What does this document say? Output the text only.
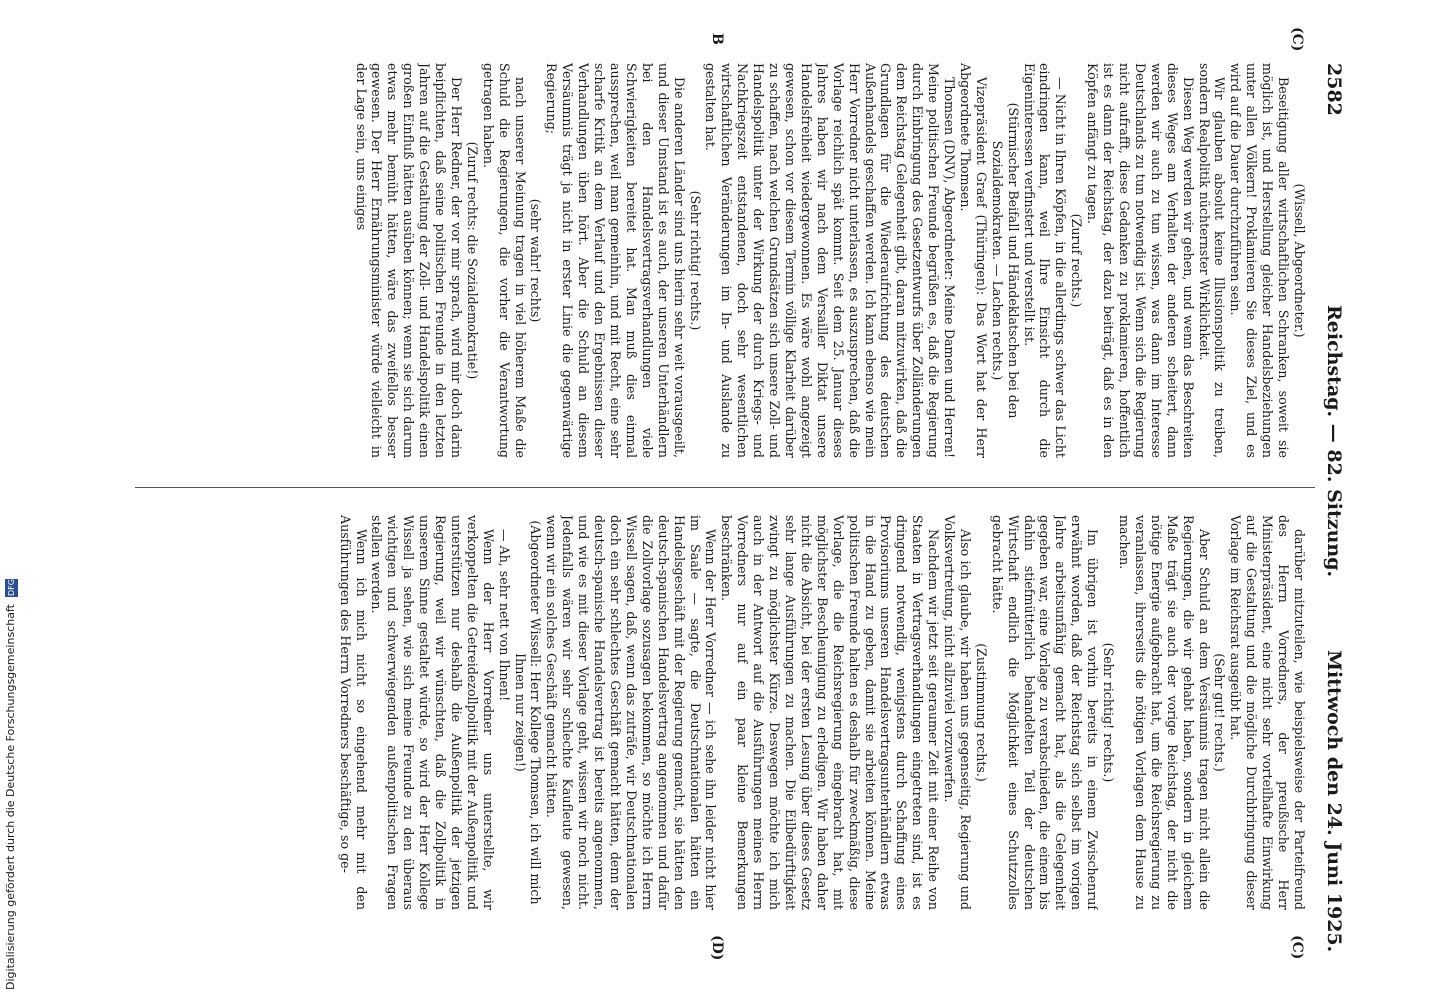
2582
Reichstag. — 82. Sitzung.
Mittwoch den 24. Juni 1925.
(C)
B
(C)
(D)

(Wissell, Abgeordneter.)

Beseitigung aller wirtschaftlichen Schranken, soweit sie möglich ist, und Herstellung gleicher Handelsbeziehungen unter allen Völkern! Proklamieren Sie dieses Ziel, und es wird auf die Dauer durchzuführen sein.

Wir glauben absolut keine Illusionspolitik zu treiben, sondern Realpolitik nüchternster Wirklichkeit.

Diesen Weg werden wir gehen, und wenn das Beschreiten dieses Weges am Verhalten der anderen scheitert, dann werden wir auch zu tun wissen, was dann im Interesse Deutschlands zu tun notwendig ist. Wenn sich die Regierung nicht aufrafft, diese Gedanken zu proklamieren, hoffentlich ist es dann der Reichstag, der dazu beiträgt, daß es in den Köpfen anfängt zu tagen.

(Zuruf rechts.)

— Nicht in Ihren Köpfen, in die allerdings schwer das Licht eindringen kann, weil Ihre Einsicht durch die Eigeninteressen verfinstert und verstellt ist.

(Stürmischer Beifall und Händeklatschen bei den Sozialdemokraten. — Lachen rechts.)

Vizepräsident Graef (Thüringen): Das Wort hat der Herr Abgeordnete Thomsen.

Thomsen (DNV), Abgeordneter: Meine Damen und Herren! Meine politischen Freunde begrüßen es, daß die Regierung durch Einbringung des Gesetzentwurfs über Zolländerungen dem Reichstag Gelegenheit gibt, daran mitzuwirken, daß die Grundlagen für die Wiederaufrichtung des deutschen Außenhandels geschaffen werden. Ich kann ebenso wie mein Herr Vorredner nicht unterlassen, es auszusprechen, daß die Vorlage reichlich spät kommt. Seit dem 25. Januar dieses Jahres haben wir nach dem Versailler Diktat unsere Handelsfreiheit wiedergewonnen. Es wäre wohl angezeigt gewesen, schon vor diesem Termin völlige Klarheit darüber zu schaffen, nach welchen Grundsätzen sich unsere Zoll- und Handelspolitik unter der Wirkung der durch Kriegs- und Nachkriegszeit entstandenen, doch sehr wesentlichen wirtschaftlichen Veränderungen im In- und Auslande zu gestalten hat.

(Sehr richtig! rechts.)

Die anderen Länder sind uns hierin sehr weit vorausgeeilt, und dieser Umstand ist es auch, der unseren Unterhändlern bei den Handelsvertragsverhandlungen viele Schwierigkeiten bereitet hat. Man muß dies einmal aussprechen, weil man gemeinhin, und mit Recht, eine sehr scharfe Kritik an dem Verlauf und den Ergebnissen dieser Verhandlungen üben hört. Aber die Schuld an diesem Versäumnis trägt ja nicht in erster Linie die gegenwärtige Regierung;

(sehr wahr! rechts)

nach unserer Meinung tragen in viel höherem Maße die Schuld die Regierungen, die vorher die Verantwortung getragen haben.

(Zuruf rechts: die Sozialdemokratie!)

Der Herr Redner, der vor mir sprach, wird mir doch darin beipflichten, daß seine politischen Freunde in den letzten Jahren auf die Gestaltung der Zoll- und Handelspolitik einen großen Einfluß hätten ausüben können; wenn sie sich darum etwas mehr bemüht hätten, wäre das zweifellos besser gewesen. Der Herr Ernährungsminister würde vielleicht in der Lage sein, uns einiges

darüber mitzuteilen, wie beispielsweise der Parteifreund des Herrn Vorredners, der preußische Herr Ministerpräsident, eine nicht sehr vorteilhafte Einwirkung auf die Gestaltung und die mögliche Durchbringung dieser Vorlage im Reichsrat ausgeübt hat.

(Sehr gut! rechts.)

Aber Schuld an dem Versäumnis tragen nicht allein die Regierungen, die wir gehabt haben, sondern in gleichem Maße trägt sie auch der vorige Reichstag, der nicht die nötige Energie aufgebracht hat, um die Reichsregierung zu veranlassen, ihrerseits die nötigen Vorlagen dem Hause zu machen.

(Sehr richtig! rechts.)

Im übrigen ist vorhin bereits in einem Zwischenruf erwähnt worden, daß der Reichstag sich selbst im vorigen Jahre arbeitsunfähig gemacht hat, als die Gelegenheit gegeben war, eine Vorlage zu verabschieden, die einem bis dahin stiefmütterlich behandelten Teil der deutschen Wirtschaft endlich die Möglichkeit eines Schutzzolles gebracht hätte.

(Zustimmung rechts.)

Also ich glaube, wir haben uns gegenseitig, Regierung und Volksvertretung, nicht allzuviel vorzuwerfen.

Nachdem wir jetzt seit geraumer Zeit mit einer Reihe von Staaten in Vertragsverhandlungen eingetreten sind, ist es dringend notwendig, wenigstens durch Schaffung eines Provisoriums unseren Handelsvertragsunterhändlern etwas in die Hand zu geben, damit sie arbeiten können. Meine politischen Freunde halten es deshalb für zweckmäßig, diese Vorlage, die die Reichsregierung eingebracht hat, mit möglichster Beschleunigung zu erledigen. Wir haben daher nicht die Absicht, bei der ersten Lesung über dieses Gesetz sehr lange Ausführungen zu machen. Die Eilbedürftigkeit zwingt zu möglichster Kürze. Deswegen möchte ich mich auch in der Antwort auf die Ausführungen meines Herrn Vorredners nur auf ein paar kleine Bemerkungen beschränken.

Wenn der Herr Vorredner — ich sehe ihn leider nicht hier im Saale — sagte, die Deutschnationalen hätten ein Handelsgeschäft mit der Regierung gemacht, sie hätten den deutsch-spanischen Handelsvertrag angenommen und dafür die Zollvorlage sozusagen bekommen, so möchte ich Herrn Wissell sagen, daß, wenn das zuträfe, wir Deutschnationalen doch ein sehr schlechtes Geschäft gemacht hätten, denn der deutsch-spanische Handelsvertrag ist bereits angenommen, und wie es mit dieser Vorlage geht, wissen wir noch nicht. Jedenfalls wären wir sehr schlechte Kaufleute gewesen, wenn wir ein solches Geschäft gemacht hätten.

(Abgeordneter Wissell: Herr Kollege Thomsen, ich will mich Ihnen nur zeigen!)

— Ah, sehr nett von Ihnen!

Wenn der Herr Vorredner uns unterstellte, wir verkoppelten die Getreidezollpolitik mit der Außenpolitik und unterstützen nur deshalb die Außenpolitik der jetzigen Regierung, weil wir wünschten, daß die Zollpolitik in unserem Sinne gestaltet würde, so wird der Herr Kollege Wissell ja sehen, wie sich meine Freunde zu den überaus wichtigen und schwerwiegenden außenpolitischen Fragen stellen werden.

Wenn ich mich nicht so eingehend mehr mit den Ausführungen des Herrn Vorredners beschäftige, so ge-

Digitalisierung gefördert durch die Deutsche Forschungsgemeinschaft DFG
